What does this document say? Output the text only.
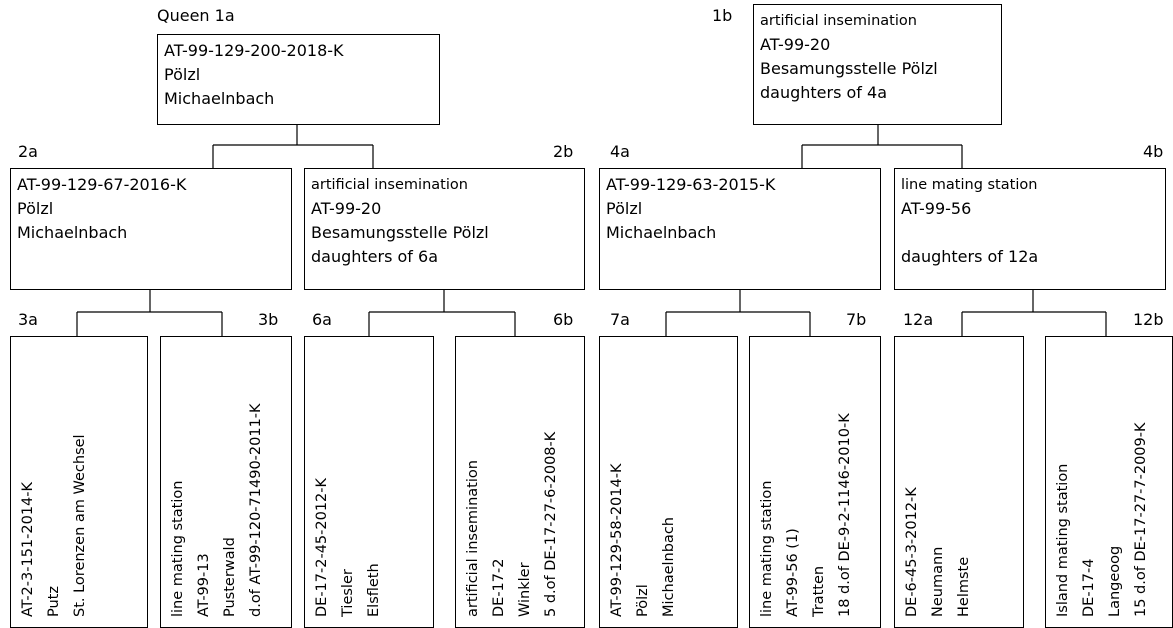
Queen 1a
AT-99-129-200-2018-K
Pölzl
Michaelnbach
1b artificial insemination
AT-99-20
Besamungsstelle Pölzl
daughters of 4a
2a	2b 4a	4b
AT-99-129-67-2016-K
Pölzl
Michaelnbach
artificial insemination
AT-99-20
Besamungsstelle Pölzl
daughters of 6a
AT-99-129-63-2015-K
Pölzl
Michaelnbach
line mating station
AT-99-56

daughters of 12a
3a	3b 6a	6b 7a	7b 12a	12b
AT-2-3-151-2014-K Putz St. Lorenzen am Wechsel	line mating station AT-99-13 Pusterwald d.of AT-99-120-71490-2011-K	DE-17-2-45-2012-K Tiesler Elsfleth	artificial insemination DE-17-2 Winkler 5 d.of DE-17-27-6-2008-K	AT-99-129-58-2014-K Pölzl Michaelnbach	line mating station AT-99-56 (1) Tratten 18 d.of DE-9-2-1146-2010-K	DE-6-45-3-2012-K Neumann Helmste	Island mating station DE-17-4 Langeoog 15 d.of DE-17-27-7-2009-K
